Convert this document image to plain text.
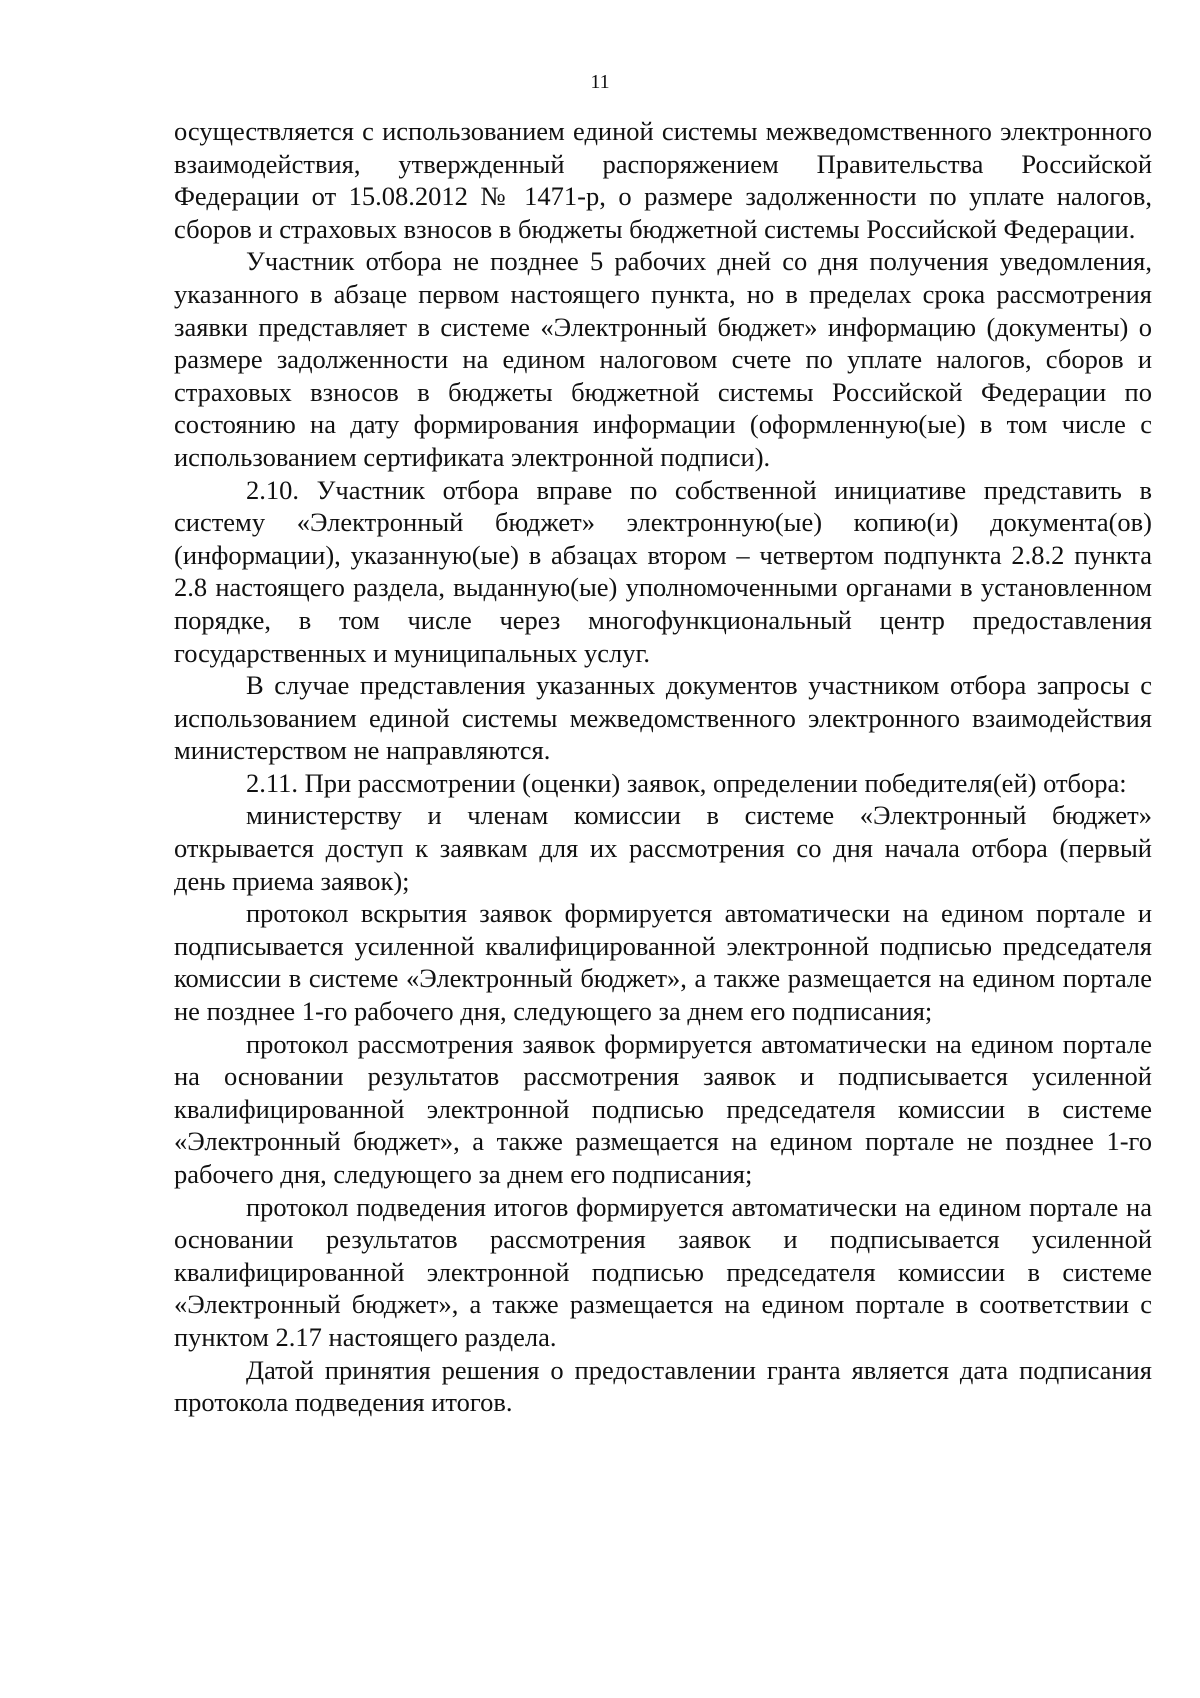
11

осуществляется с использованием единой системы межведомственного электронного взаимодействия, утвержденный распоряжением Правительства Российской Федерации от 15.08.2012 № 1471-р, о размере задолженности по уплате налогов, сборов и страховых взносов в бюджеты бюджетной системы Российской Федерации.

Участник отбора не позднее 5 рабочих дней со дня получения уведомления, указанного в абзаце первом настоящего пункта, но в пределах срока рассмотрения заявки представляет в системе «Электронный бюджет» информацию (документы) о размере задолженности на едином налоговом счете по уплате налогов, сборов и страховых взносов в бюджеты бюджетной системы Российской Федерации по состоянию на дату формирования информации (оформленную(ые) в том числе с использованием сертификата электронной подписи).

2.10. Участник отбора вправе по собственной инициативе представить в систему «Электронный бюджет» электронную(ые) копию(и) документа(ов) (информации), указанную(ые) в абзацах втором – четвертом подпункта 2.8.2 пункта 2.8 настоящего раздела, выданную(ые) уполномоченными органами в установленном порядке, в том числе через многофункциональный центр предоставления государственных и муниципальных услуг.

В случае представления указанных документов участником отбора запросы с использованием единой системы межведомственного электронного взаимодействия министерством не направляются.

2.11. При рассмотрении (оценки) заявок, определении победителя(ей) отбора:

министерству и членам комиссии в системе «Электронный бюджет» открывается доступ к заявкам для их рассмотрения со дня начала отбора (первый день приема заявок);

протокол вскрытия заявок формируется автоматически на едином портале и подписывается усиленной квалифицированной электронной подписью председателя комиссии в системе «Электронный бюджет», а также размещается на едином портале не позднее 1-го рабочего дня, следующего за днем его подписания;

протокол рассмотрения заявок формируется автоматически на едином портале на основании результатов рассмотрения заявок и подписывается усиленной квалифицированной электронной подписью председателя комиссии в системе «Электронный бюджет», а также размещается на едином портале не позднее 1-го рабочего дня, следующего за днем его подписания;

протокол подведения итогов формируется автоматически на едином портале на основании результатов рассмотрения заявок и подписывается усиленной квалифицированной электронной подписью председателя комиссии в системе «Электронный бюджет», а также размещается на едином портале в соответствии с пунктом 2.17 настоящего раздела.

Датой принятия решения о предоставлении гранта является дата подписания протокола подведения итогов.
